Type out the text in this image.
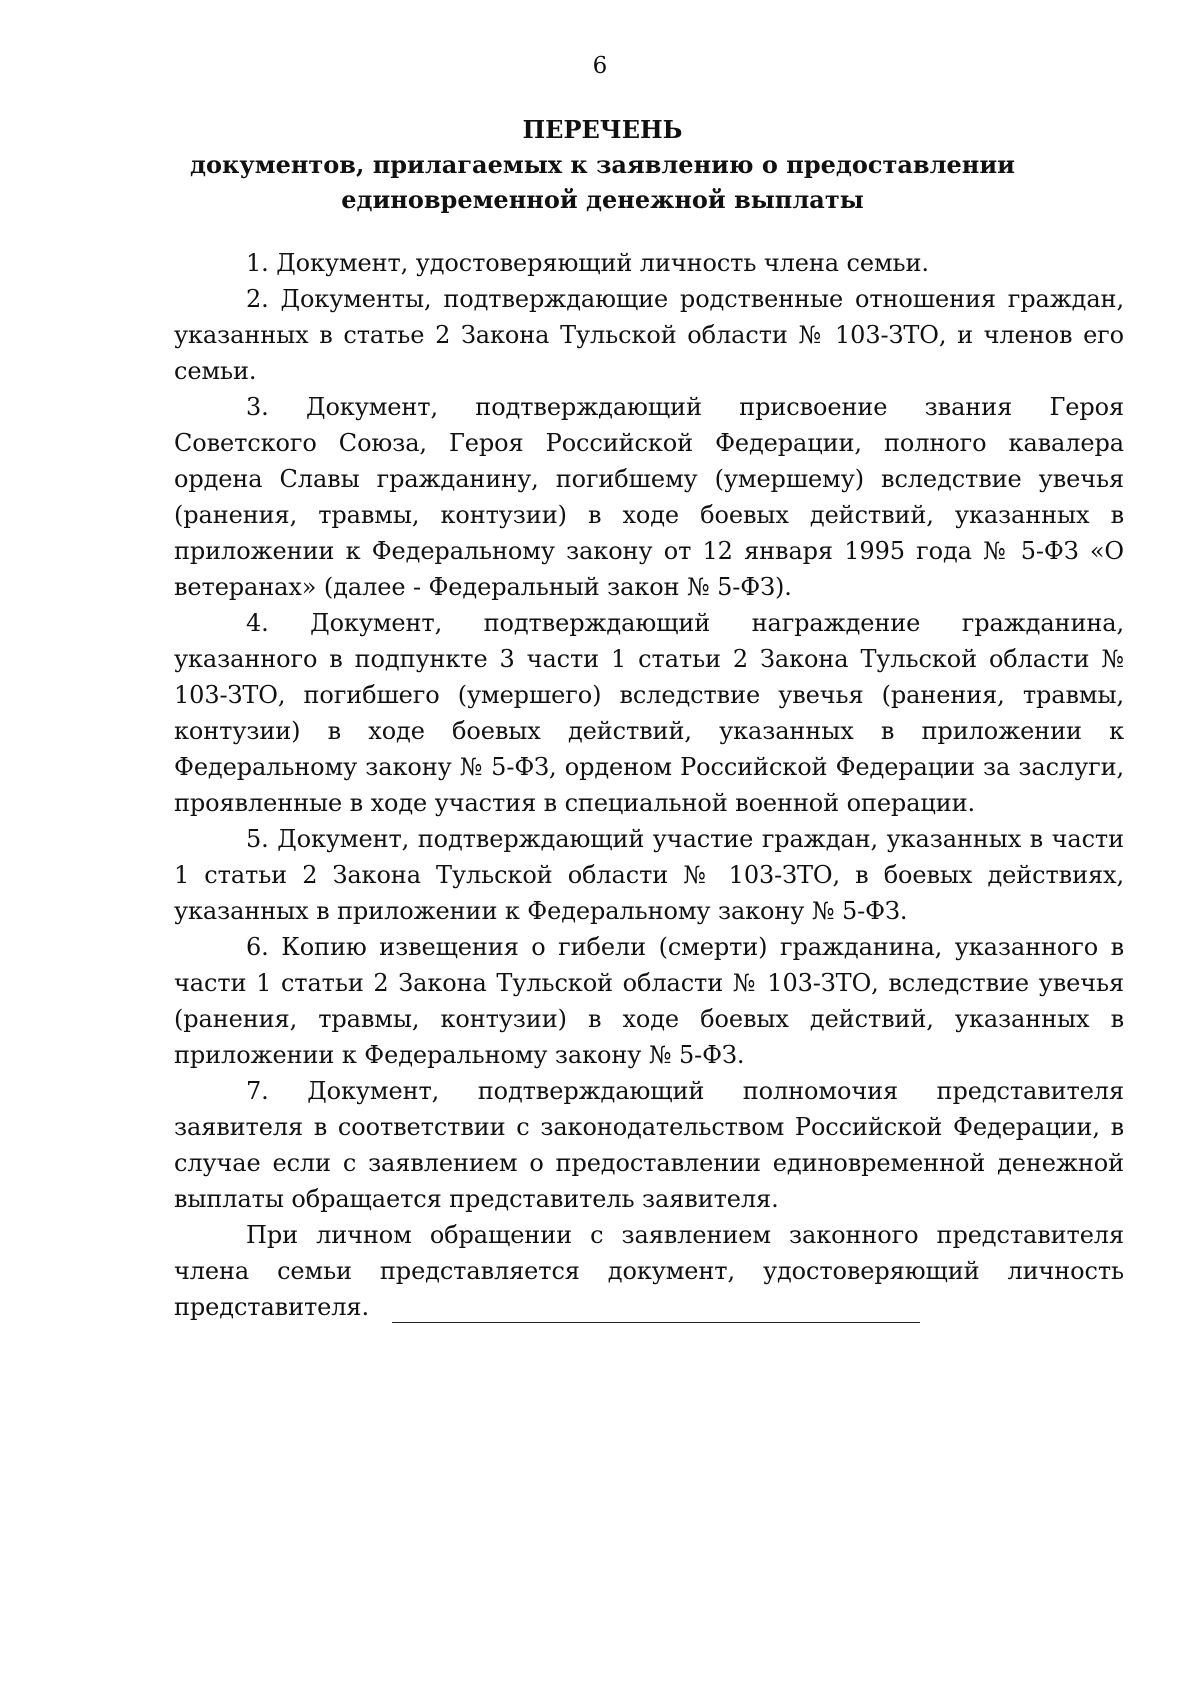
6
ПЕРЕЧЕНЬ
документов, прилагаемых к заявлению о предоставлении
единовременной денежной выплаты

1. Документ, удостоверяющий личность члена семьи.

2. Документы, подтверждающие родственные отношения граждан, указанных в статье 2 Закона Тульской области № 103-ЗТО, и членов его семьи.

3. Документ, подтверждающий присвоение звания Героя Советского Союза, Героя Российской Федерации, полного кавалера ордена Славы гражданину, погибшему (умершему) вследствие увечья (ранения, травмы, контузии) в ходе боевых действий, указанных в приложении к Федеральному закону от 12 января 1995 года № 5-ФЗ «О ветеранах» (далее - Федеральный закон № 5-ФЗ).

4. Документ, подтверждающий награждение гражданина, указанного в подпункте 3 части 1 статьи 2 Закона Тульской области № 103-ЗТО, погибшего (умершего) вследствие увечья (ранения, травмы, контузии) в ходе боевых действий, указанных в приложении к Федеральному закону № 5-ФЗ, орденом Российской Федерации за заслуги, проявленные в ходе участия в специальной военной операции.

5. Документ, подтверждающий участие граждан, указанных в части 1 статьи 2 Закона Тульской области № 103-ЗТО, в боевых действиях, указанных в приложении к Федеральному закону № 5-ФЗ.

6. Копию извещения о гибели (смерти) гражданина, указанного в части 1 статьи 2 Закона Тульской области № 103-ЗТО, вследствие увечья (ранения, травмы, контузии) в ходе боевых действий, указанных в приложении к Федеральному закону № 5-ФЗ.

7. Документ, подтверждающий полномочия представителя заявителя в соответствии с законодательством Российской Федерации, в случае если с заявлением о предоставлении единовременной денежной выплаты обращается представитель заявителя.

При личном обращении с заявлением законного представителя члена семьи представляется документ, удостоверяющий личность представителя.
